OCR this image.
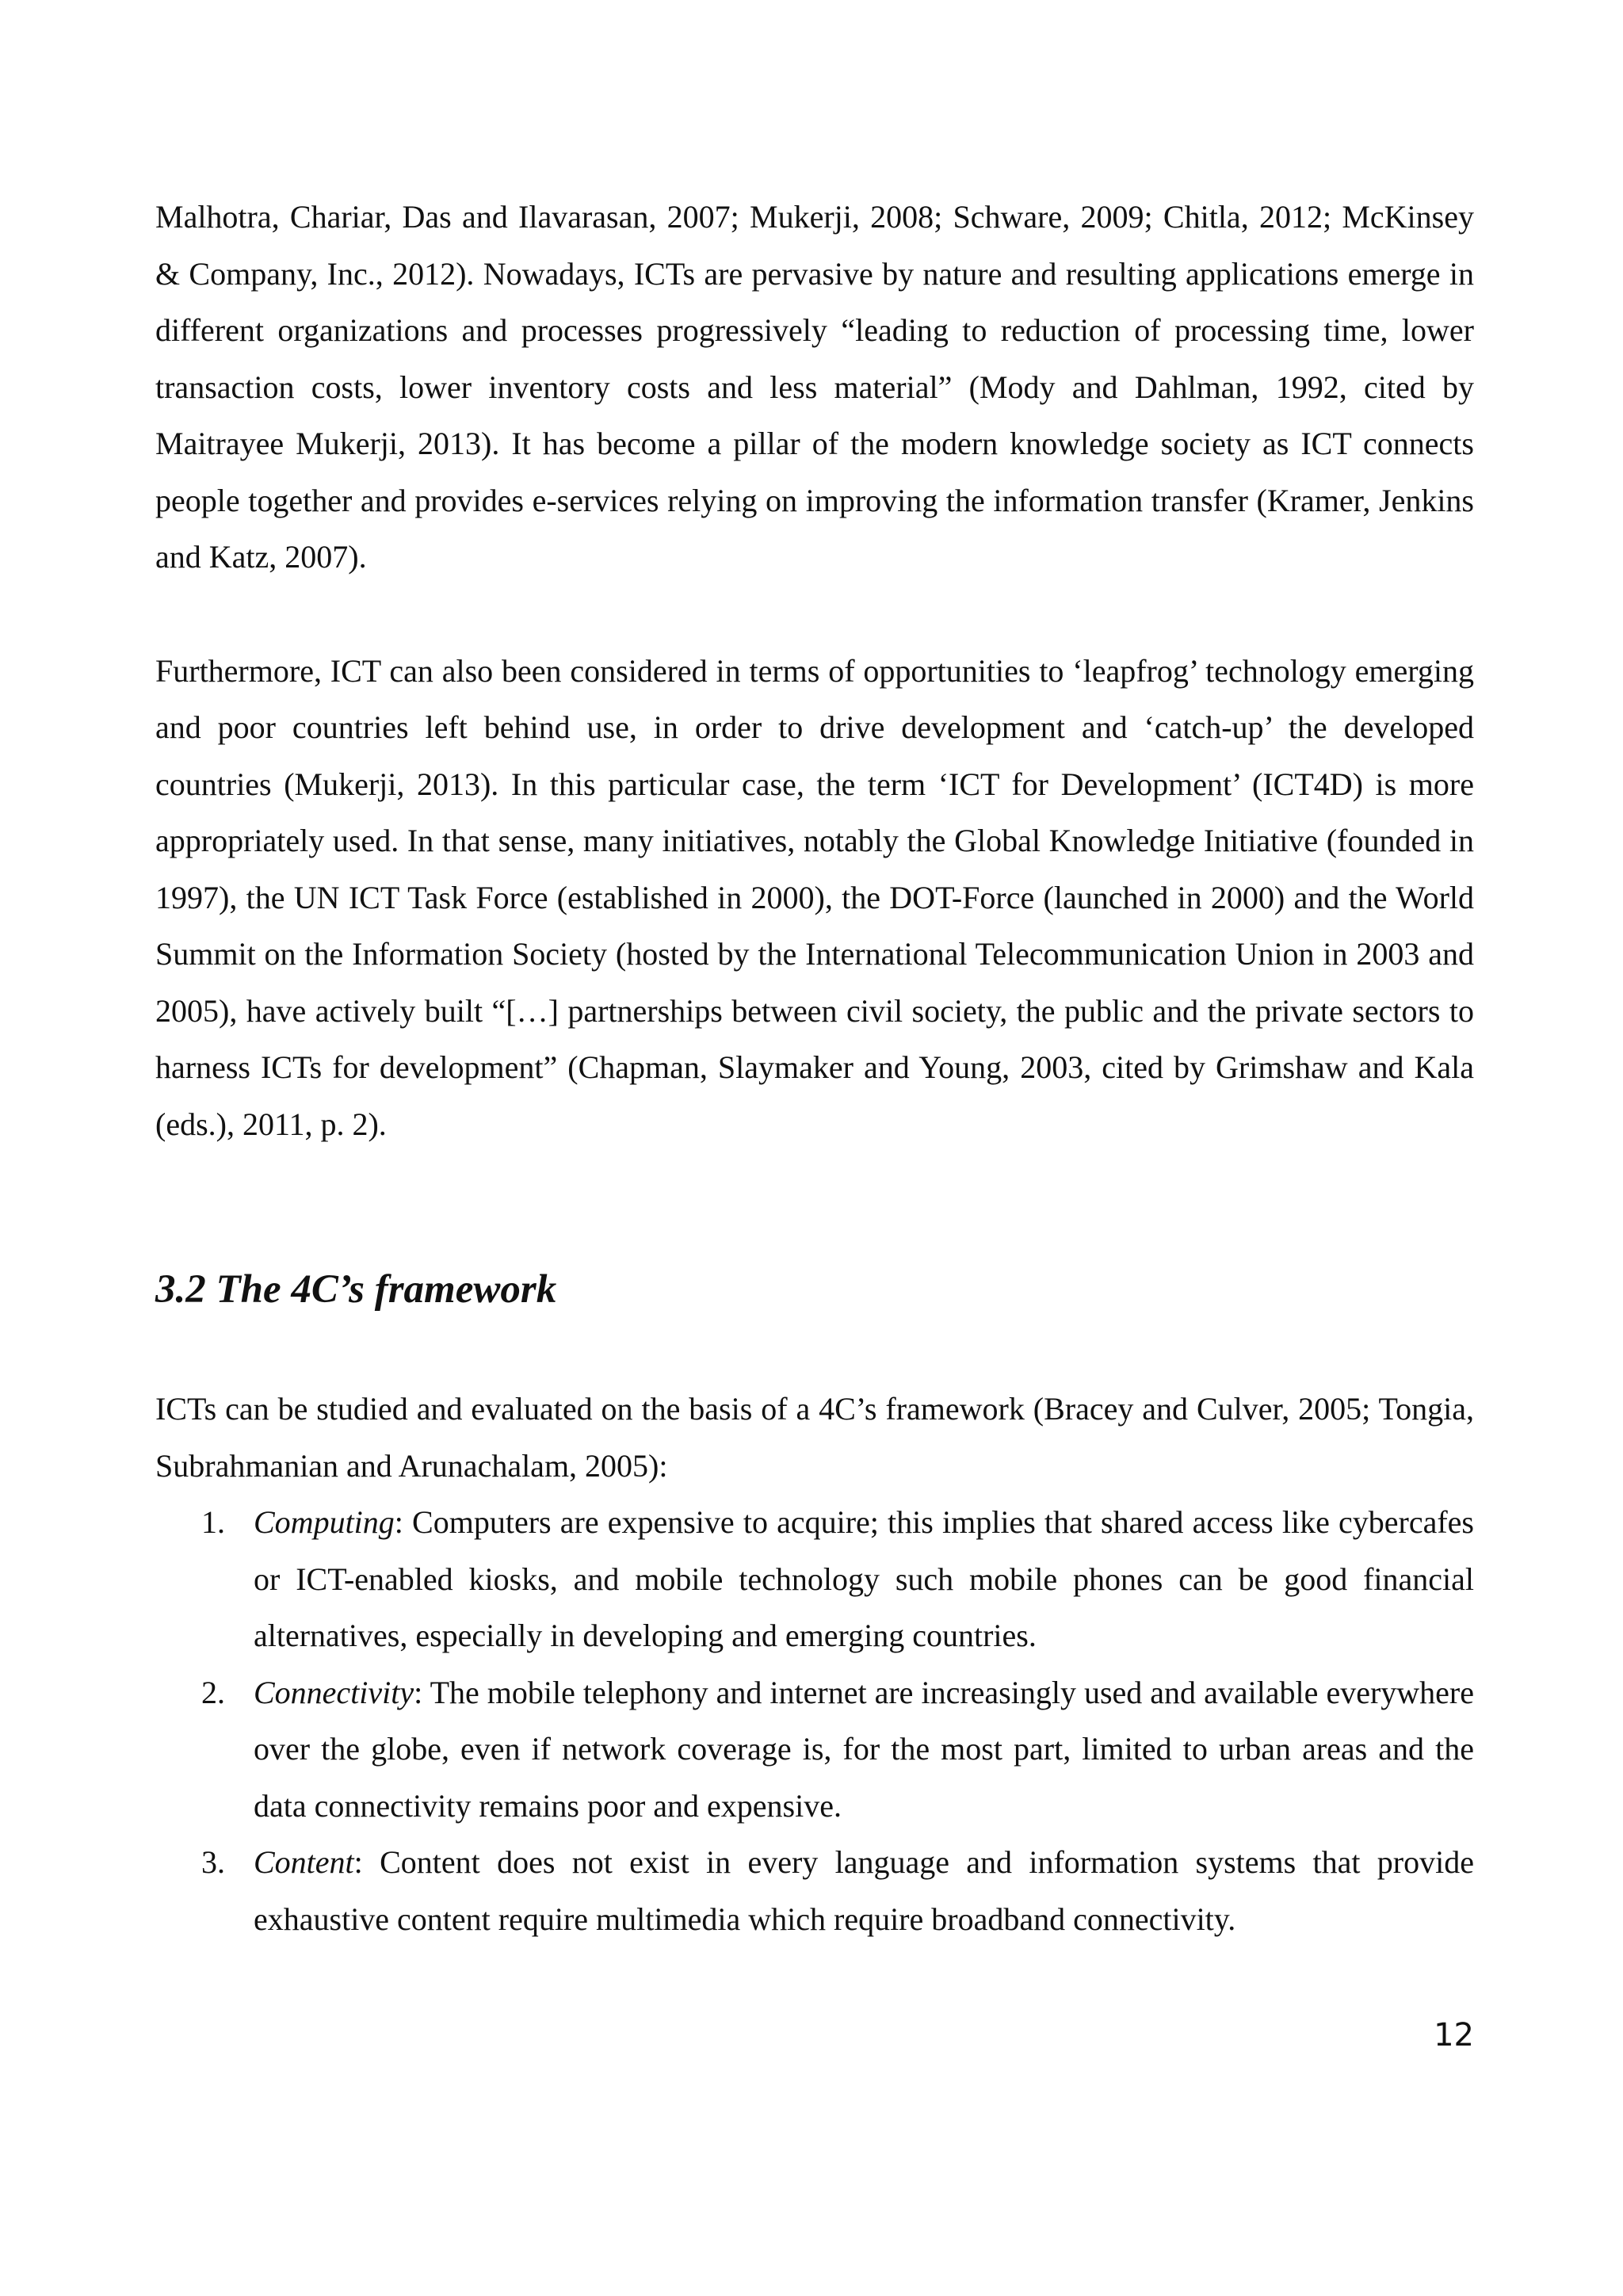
Malhotra, Chariar, Das and Ilavarasan, 2007; Mukerji, 2008; Schware, 2009; Chitla, 2012; McKinsey & Company, Inc., 2012). Nowadays, ICTs are pervasive by nature and resulting applications emerge in different organizations and processes progressively “leading to reduction of processing time, lower transaction costs, lower inventory costs and less material” (Mody and Dahlman, 1992, cited by Maitrayee Mukerji, 2013). It has become a pillar of the modern knowledge society as ICT connects people together and provides e-services relying on improving the information transfer (Kramer, Jenkins and Katz, 2007).

Furthermore, ICT can also been considered in terms of opportunities to ‘leapfrog’ technology emerging and poor countries left behind use, in order to drive development and ‘catch-up’ the developed countries (Mukerji, 2013). In this particular case, the term ‘ICT for Development’ (ICT4D) is more appropriately used. In that sense, many initiatives, notably the Global Knowledge Initiative (founded in 1997), the UN ICT Task Force (established in 2000), the DOT-Force (launched in 2000) and the World Summit on the Information Society (hosted by the International Telecommunication Union in 2003 and 2005), have actively built “[…] partnerships between civil society, the public and the private sectors to harness ICTs for development” (Chapman, Slaymaker and Young, 2003, cited by Grimshaw and Kala (eds.), 2011, p. 2).

3.2 The 4C’s framework

ICTs can be studied and evaluated on the basis of a 4C’s framework (Bracey and Culver, 2005; Tongia, Subrahmanian and Arunachalam, 2005):

1. Computing: Computers are expensive to acquire; this implies that shared access like cybercafes or ICT-enabled kiosks, and mobile technology such mobile phones can be good financial alternatives, especially in developing and emerging countries.
2. Connectivity: The mobile telephony and internet are increasingly used and available everywhere over the globe, even if network coverage is, for the most part, limited to urban areas and the data connectivity remains poor and expensive.
3. Content: Content does not exist in every language and information systems that provide exhaustive content require multimedia which require broadband connectivity.
12
